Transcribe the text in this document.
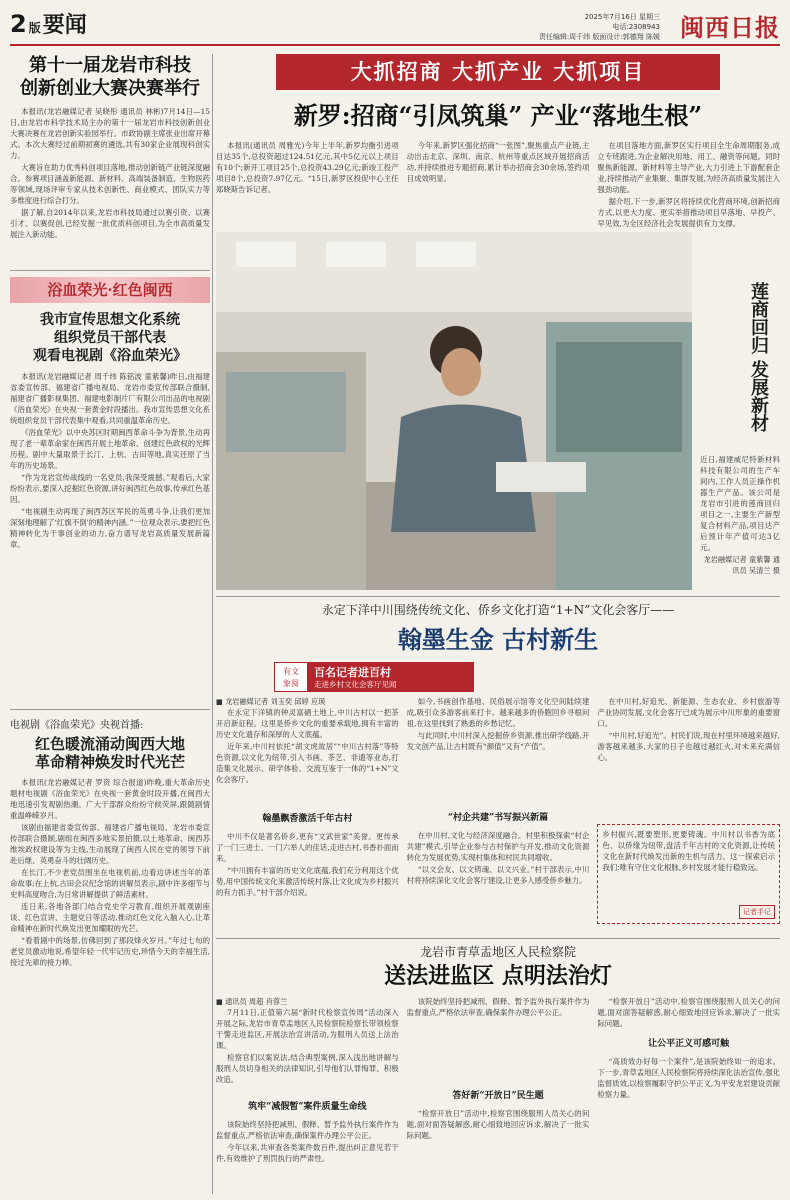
2 版要闻	2025年7月16日 星期三
电话:2308943
责任编辑:周千纬 版面设计:郭德翔 陈媛 闽西日报
第十一届龙岩市科技
创新创业大赛决赛举行

本报讯(龙岩融媒记者 吴晓彤 通讯员 林彬)7月14日—15日,由龙岩市科学技术局主办的第十一届龙岩市科技创新创业大赛决赛在龙岩创新实验园举行。市政协副主席张业出席开幕式。本次大赛经过前期初赛的遴选,共有30家企业展现科创实力。

大赛旨在助力优秀科创项目落地,推动创新链产业链深度融合。参赛项目涵盖新能源、新材料、高端装备制造、生物医药等领域,现场评审专家从技术创新性、商业模式、团队实力等多维度进行综合打分。

据了解,自2014年以来,龙岩市科技局通过以赛引资、以赛引才、以赛促创,已经发掘一批优质科创项目,为全市高质量发展注入新动能。

浴血荣光·红色闽西
我市宣传思想文化系统
组织党员干部代表
观看电视剧《浴血荣光》

本报讯(龙岩融媒记者 周千纬 陈铭波 童紫馨)昨日,由福建省委宣传部、福建省广播电视局、龙岩市委宣传部联合摄制,福建省广播影视集团、福建电影制片厂有限公司出品的电视剧《浴血荣光》在央视一套黄金时段播出。我市宣传思想文化系统组织党员干部代表集中观看,共同重温革命历史。

《浴血荣光》以中央苏区时期闽西革命斗争为背景,生动再现了老一辈革命家在闽西开展土地革命、创建红色政权的光辉历程。剧中大量取景于长汀、上杭、古田等地,真实还原了当年的历史场景。

“作为龙岩宣传战线的一名党员,我深受震撼。”观看后,大家纷纷表示,要深入挖掘红色资源,讲好闽西红色故事,传承红色基因。

“电视剧生动再现了闽西苏区军民的英勇斗争,让我们更加深刻地理解了‘红旗不倒’的精神内涵。”一位观众表示,要把红色精神转化为干事创业的动力,奋力谱写龙岩高质量发展新篇章。

电视剧《浴血荣光》央视首播:
红色暖流涌动闽西大地
革命精神焕发时代光芒

本报讯(龙岩融媒记者 罗资 综合报道)昨晚,重大革命历史题材电视剧《浴血荣光》在央视一套黄金时段开播,在闽西大地迅速引发观剧热潮。广大干部群众纷纷守候荧屏,跟随剧情重温峥嵘岁月。

该剧由福建省委宣传部、福建省广播电视局、龙岩市委宣传部联合摄制,剧组在闽西多地实景拍摄,以土地革命、闽西苏维埃政权建设等为主线,生动展现了闽西人民在党的领导下前赴后继、英勇奋斗的壮阔历史。

在长汀,不少老党员围坐在电视机前,边看边讲述当年的革命故事;在上杭,古田会议纪念馆的讲解员表示,剧中许多细节与史料高度吻合,为日常讲解提供了鲜活素材。

连日来,各地各部门结合党史学习教育,组织开展观剧座谈、红色宣讲、主题党日等活动,推动红色文化入脑入心,让革命精神在新时代焕发出更加耀眼的光芒。

“看着剧中的场景,仿佛回到了那段烽火岁月。”年过七旬的老党员激动地说,希望年轻一代牢记历史,珍惜今天的幸福生活,接过先辈的接力棒。

大抓招商 大抓产业 大抓项目
新罗:招商“引凤筑巢” 产业“落地生根”

本报讯(通讯员 周雅光)今年上半年,新罗均衡引进项目达35个,总投资超过124.51亿元,其中5亿元以上项目有10个;新开工项目25个,总投资43.29亿元;新竣工投产项目8个,总投资7.97亿元。“15日,新罗区投促中心主任郑晓斯告诉记者。

今年来,新罗区强化招商“一张图”,聚焦重点产业链,主动出击北京、深圳、南京、杭州等重点区域开展招商活动,并持续推进专题招商,累计举办招商会30余场,签约项目成效明显。

在项目落地方面,新罗区实行项目全生命周期服务,成立专班跟进,为企业解决用地、用工、融资等问题。同时聚焦新能源、新材料等主导产业,大力引进上下游配套企业,持续推动产业集聚、集群发展,为经济高质量发展注入强劲动能。

据介绍,下一步,新罗区将持续优化营商环境,创新招商方式,以更大力度、更实举措推动项目早落地、早投产、早见效,为全区经济社会发展提供有力支撑。

莲商回归 发展新材
近日,福建威尼特新材料科技有限公司的生产车间内,工作人员正操作机器生产产品。该公司是龙岩市引进的莲商回归项目之一,主要生产新型复合材料产品,项目达产后预计年产值可达3亿元。
龙岩融媒记者 童紫馨 通讯员 吴清兰 摄
永定下洋中川围绕传统文化、侨乡文化打造“1+N”文化会客厅——
翰墨生金 古村新生
有文
象阅
百名记者进百村
走进乡村文化会客厅见闻
■ 龙岩融媒记者 刘玉奕 邱婷 应瑛

在永定下洋镇的钟灵富硒土地上,中川古村以一把茶开启新征程。这里是侨乡文化的重要承载地,拥有丰富的历史文化遗存和深厚的人文底蕴。

近年来,中川村依托“胡文虎故居”“中川古村落”等特色资源,以文化为纽带,引入书画、茶艺、非遗等业态,打造集文化展示、研学体验、交流互鉴于一体的“1+N”文化会客厅。

翰墨飘香激活千年古村

中川不仅是著名侨乡,更有“文武世家”美誉。更传承了一门三进士、一门六举人的佳话,走进古村,书香扑面而来。

“中川拥有丰富的历史文化底蕴,我们充分利用这个优势,用中国传统文化来激活传统村落,让文化成为乡村振兴的有力抓手。”村干部介绍说。

如今,书画创作基地、民俗展示馆等文化空间陆续建成,吸引众多游客前来打卡。越来越多的侨胞回乡寻根问祖,在这里找到了熟悉的乡愁记忆。

与此同时,中川村深入挖掘侨乡资源,推出研学线路,开发文创产品,让古村既有“颜值”又有“产值”。

“村企共建”书写振兴新篇

在中川村,文化与经济深度融合。村里积极探索“村企共建”模式,引导企业参与古村保护与开发,推动文化资源转化为发展优势,实现村集体和村民共同增收。

“以文会友、以文铸魂、以文兴业。”村干部表示,中川村将持续深化文化会客厅建设,让更多人感受侨乡魅力。

在中川村,好追光、新能源、生态农业、乡村旅游等产业协同发展,文化会客厅已成为展示中川形象的重要窗口。

“中川村,好追光”。村民们说,现在村里环境越来越好,游客越来越多,大家的日子也越过越红火,对未来充满信心。

乡村振兴,既要塑形,更要铸魂。中川村以书香为底色、以侨缘为纽带,盘活千年古村的文化资源,让传统文化在新时代焕发出新的生机与活力。这一探索启示我们:唯有守住文化根脉,乡村发展才能行稳致远。
记者手记
龙岩市青草盂地区人民检察院
送法进监区 点明法治灯
■ 通讯员 周超 肖蓉兰

7月11日,正值第六届“新时代检察宣传周”活动深入开展之际,龙岩市青草盂地区人民检察院检察长带领检察干警走进监区,开展法治宣讲活动,为服刑人员送上法治课。

检察官们以案说法,结合典型案例,深入浅出地讲解与服刑人员切身相关的法律知识,引导他们认罪悔罪、积极改造。

筑牢“减假暂”案件质量生命线

该院始终坚持把减刑、假释、暂予监外执行案件作为监督重点,严格依法审查,确保案件办理公平公正。

今年以来,共审查各类案件数百件,提出纠正意见若干件,有效维护了刑罚执行的严肃性。

该院始终坚持把减刑、假释、暂予监外执行案件作为监督重点,严格依法审查,确保案件办理公平公正。

答好新“开放日”民生题

“检察开放日”活动中,检察官围绕服刑人员关心的问题,面对面答疑解惑,耐心细致地回应诉求,解决了一批实际问题。

“检察开放日”活动中,检察官围绕服刑人员关心的问题,面对面答疑解惑,耐心细致地回应诉求,解决了一批实际问题。

让公平正义可感可触

“高质效办好每一个案件”,是该院始终如一的追求。下一步,青草盂地区人民检察院将持续深化法治宣传,强化监督质效,以检察履职守护公平正义,为平安龙岩建设贡献检察力量。
